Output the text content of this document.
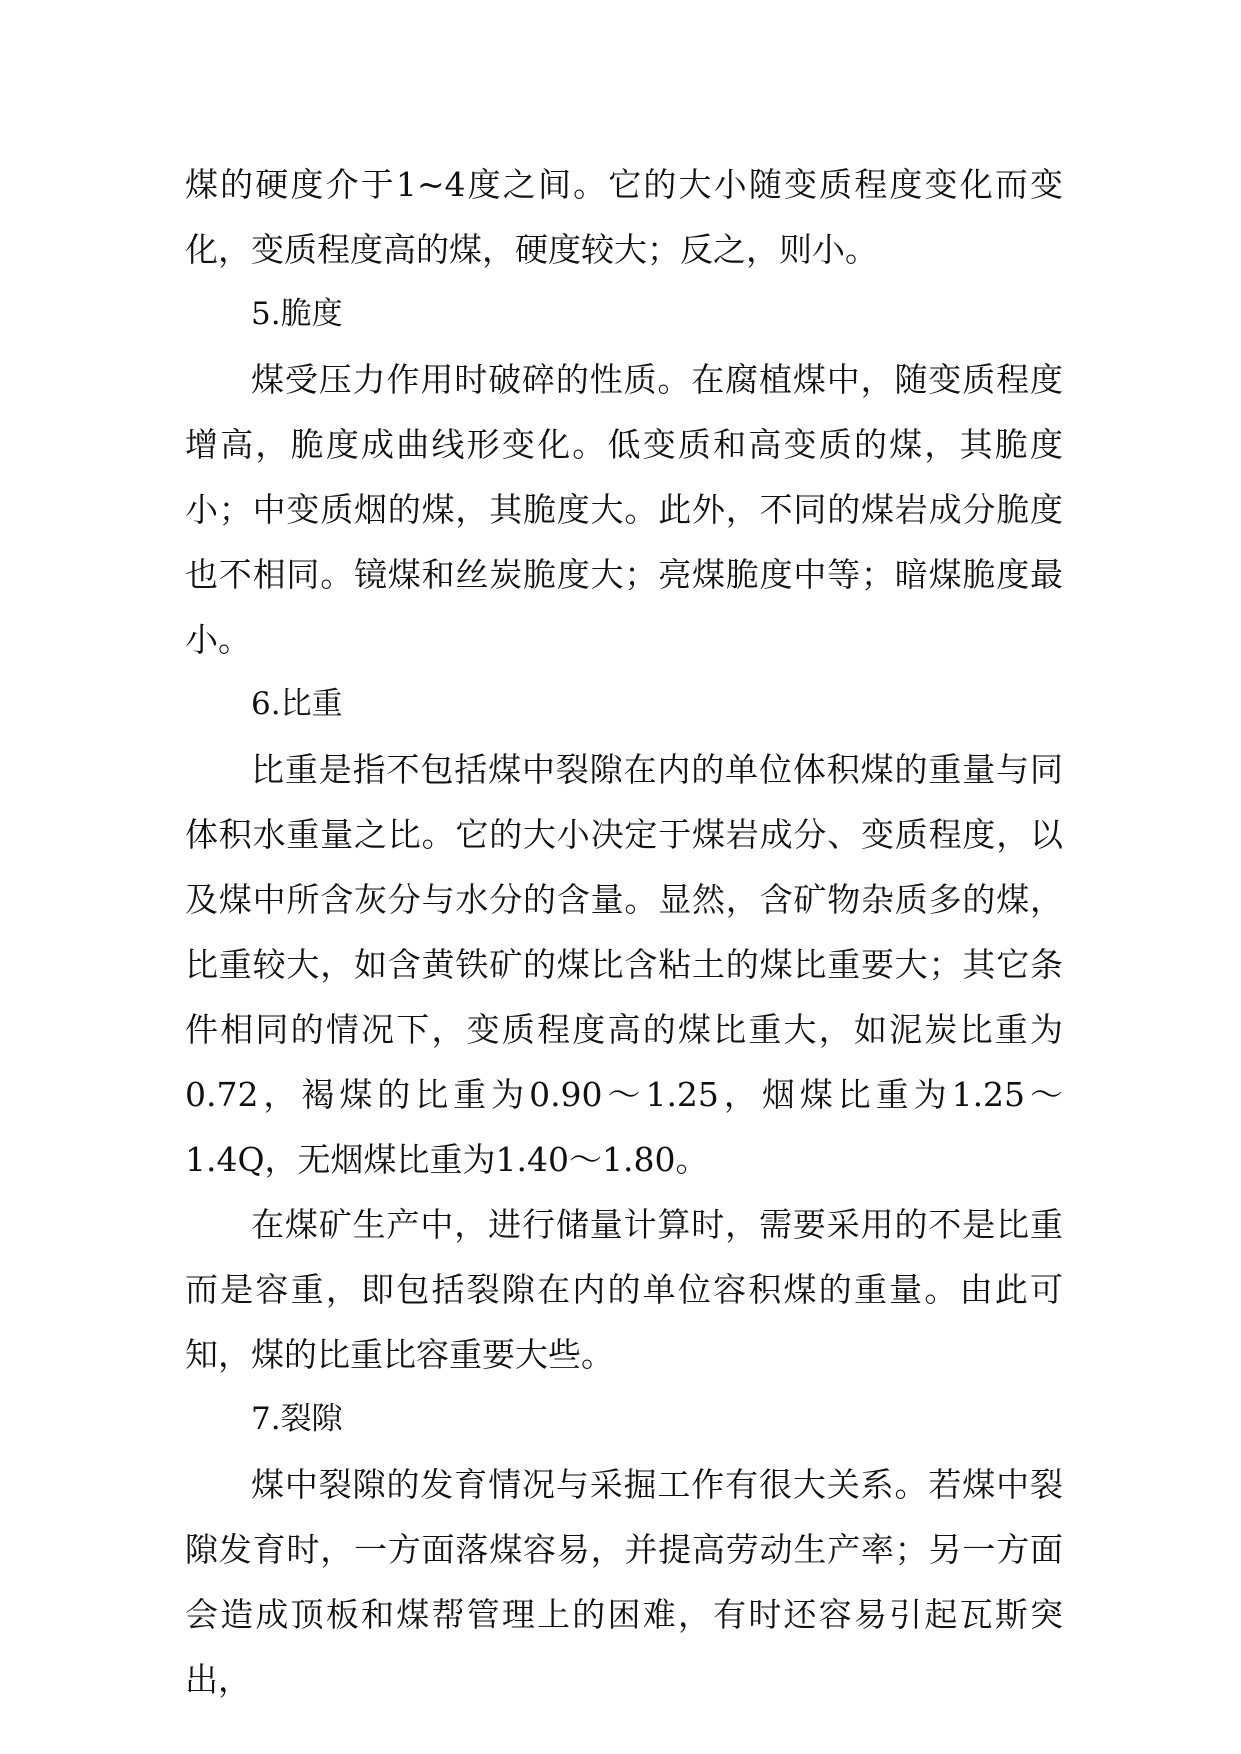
煤的硬度介于1~4度之间。它的大小随变质程度变化而变化，变质程度高的煤，硬度较大；反之，则小。

5.脆度

煤受压力作用时破碎的性质。在腐植煤中，随变质程度增高，脆度成曲线形变化。低变质和高变质的煤，其脆度小；中变质烟的煤，其脆度大。此外，不同的煤岩成分脆度也不相同。镜煤和丝炭脆度大；亮煤脆度中等；暗煤脆度最小。

6.比重

比重是指不包括煤中裂隙在内的单位体积煤的重量与同体积水重量之比。它的大小决定于煤岩成分、变质程度，以及煤中所含灰分与水分的含量。显然，含矿物杂质多的煤，比重较大，如含黄铁矿的煤比含粘土的煤比重要大；其它条件相同的情况下，变质程度高的煤比重大，如泥炭比重为0.72，褐煤的比重为0.90～1.25，烟煤比重为1.25～1.4Q，无烟煤比重为1.40～1.80。

在煤矿生产中，进行储量计算时，需要采用的不是比重而是容重，即包括裂隙在内的单位容积煤的重量。由此可知，煤的比重比容重要大些。

7.裂隙

煤中裂隙的发育情况与采掘工作有很大关系。若煤中裂隙发育时，一方面落煤容易，并提高劳动生产率；另一方面会造成顶板和煤帮管理上的困难，有时还容易引起瓦斯突出，
